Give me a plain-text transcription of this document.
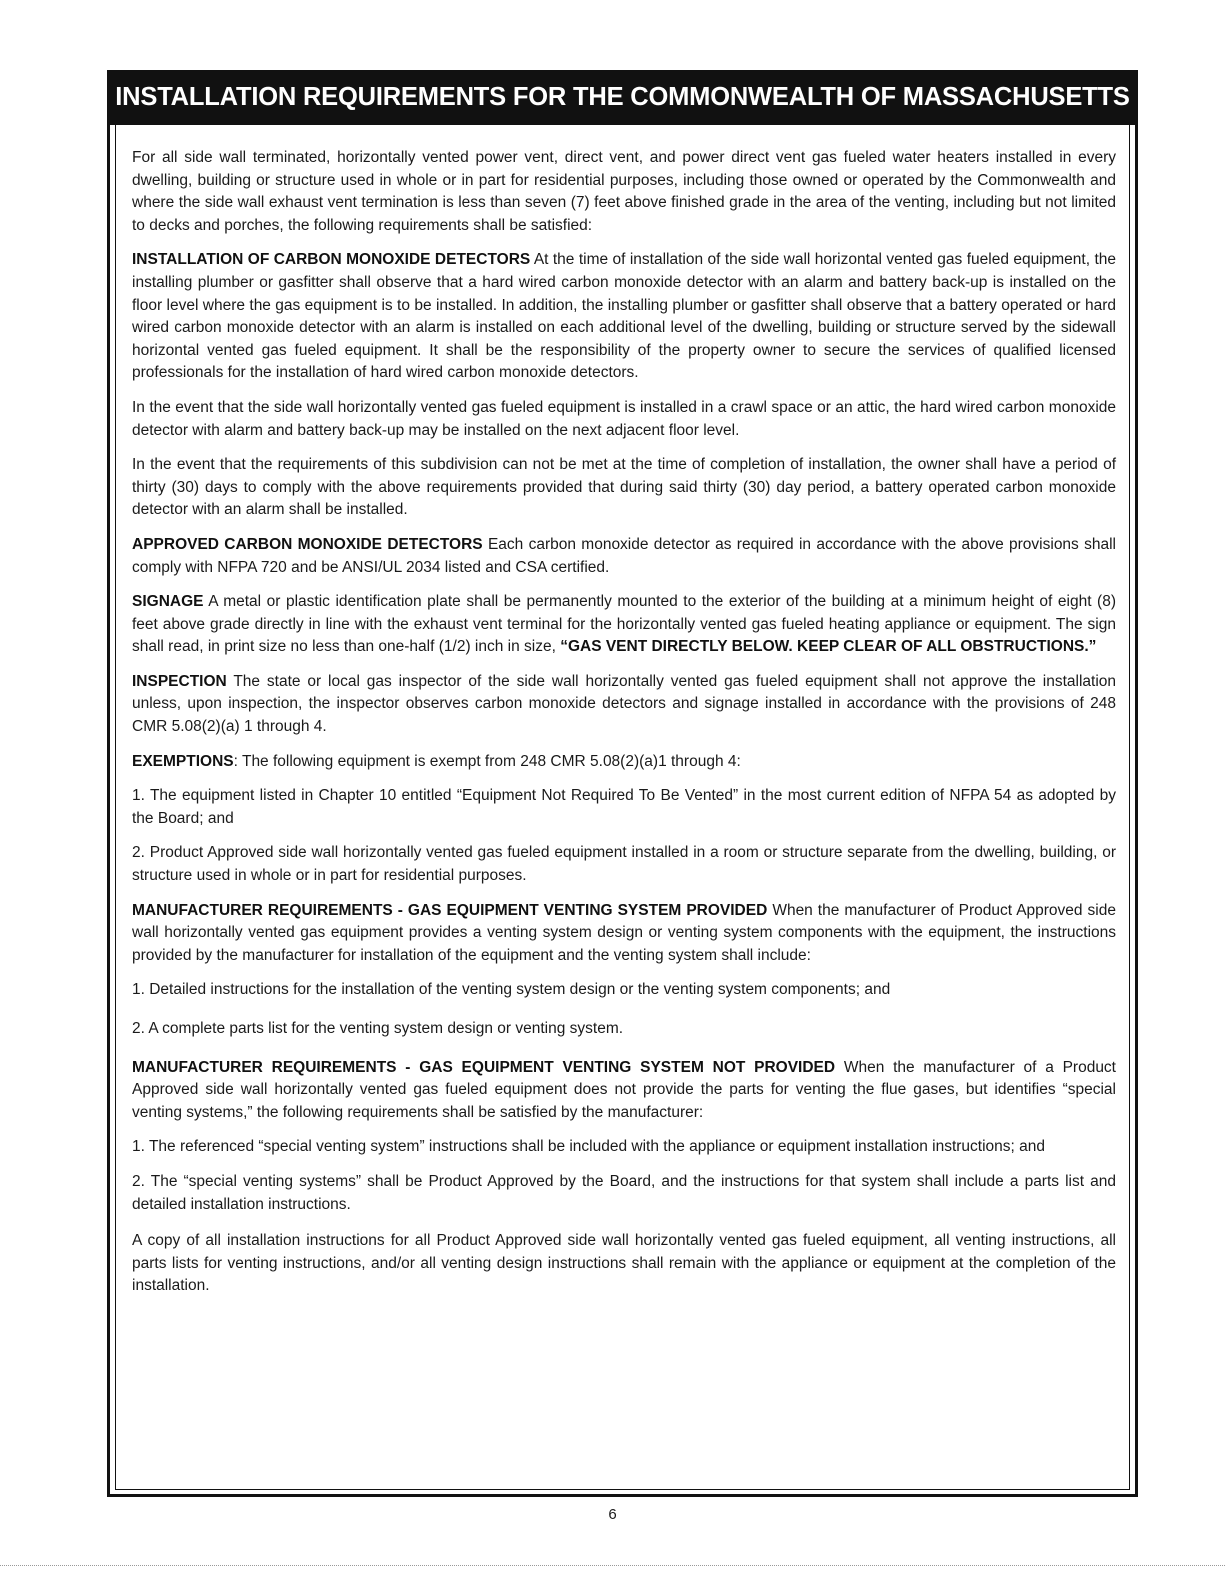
INSTALLATION REQUIREMENTS FOR THE COMMONWEALTH OF MASSACHUSETTS

For all side wall terminated, horizontally vented power vent, direct vent, and power direct vent gas fueled water heaters installed in every dwelling, building or structure used in whole or in part for residential purposes, including those owned or operated by the Commonwealth and where the side wall exhaust vent termination is less than seven (7) feet above finished grade in the area of the venting, including but not limited to decks and porches, the following requirements shall be satisfied:

INSTALLATION OF CARBON MONOXIDE DETECTORS At the time of installation of the side wall horizontal vented gas fueled equipment, the installing plumber or gasfitter shall observe that a hard wired carbon monoxide detector with an alarm and battery back-up is installed on the floor level where the gas equipment is to be installed. In addition, the installing plumber or gasfitter shall observe that a battery operated or hard wired carbon monoxide detector with an alarm is installed on each additional level of the dwelling, building or structure served by the sidewall horizontal vented gas fueled equipment. It shall be the responsibility of the property owner to secure the services of qualified licensed professionals for the installation of hard wired carbon monoxide detectors.

In the event that the side wall horizontally vented gas fueled equipment is installed in a crawl space or an attic, the hard wired carbon monoxide detector with alarm and battery back-up may be installed on the next adjacent floor level.

In the event that the requirements of this subdivision can not be met at the time of completion of installation, the owner shall have a period of thirty (30) days to comply with the above requirements provided that during said thirty (30) day period, a battery operated carbon monoxide detector with an alarm shall be installed.

APPROVED CARBON MONOXIDE DETECTORS Each carbon monoxide detector as required in accordance with the above provisions shall comply with NFPA 720 and be ANSI/UL 2034 listed and CSA certified.

SIGNAGE A metal or plastic identification plate shall be permanently mounted to the exterior of the building at a minimum height of eight (8) feet above grade directly in line with the exhaust vent terminal for the horizontally vented gas fueled heating appliance or equipment. The sign shall read, in print size no less than one-half (1/2) inch in size, “GAS VENT DIRECTLY BELOW. KEEP CLEAR OF ALL OBSTRUCTIONS.”

INSPECTION The state or local gas inspector of the side wall horizontally vented gas fueled equipment shall not approve the installation unless, upon inspection, the inspector observes carbon monoxide detectors and signage installed in accordance with the provisions of 248 CMR 5.08(2)(a) 1 through 4.

EXEMPTIONS: The following equipment is exempt from 248 CMR 5.08(2)(a)1 through 4:

1. The equipment listed in Chapter 10 entitled “Equipment Not Required To Be Vented” in the most current edition of NFPA 54 as adopted by the Board; and

2. Product Approved side wall horizontally vented gas fueled equipment installed in a room or structure separate from the dwelling, building, or structure used in whole or in part for residential purposes.

MANUFACTURER REQUIREMENTS - GAS EQUIPMENT VENTING SYSTEM PROVIDED When the manufacturer of Product Approved side wall horizontally vented gas equipment provides a venting system design or venting system components with the equipment, the instructions provided by the manufacturer for installation of the equipment and the venting system shall include:

1. Detailed instructions for the installation of the venting system design or the venting system components; and

2. A complete parts list for the venting system design or venting system.

MANUFACTURER REQUIREMENTS - GAS EQUIPMENT VENTING SYSTEM NOT PROVIDED When the manufacturer of a Product Approved side wall horizontally vented gas fueled equipment does not provide the parts for venting the flue gases, but identifies “special venting systems,” the following requirements shall be satisfied by the manufacturer:

1. The referenced “special venting system” instructions shall be included with the appliance or equipment installation instructions; and

2. The “special venting systems” shall be Product Approved by the Board, and the instructions for that system shall include a parts list and detailed installation instructions.

A copy of all installation instructions for all Product Approved side wall horizontally vented gas fueled equipment, all venting instructions, all parts lists for venting instructions, and/or all venting design instructions shall remain with the appliance or equipment at the completion of the installation.

6
